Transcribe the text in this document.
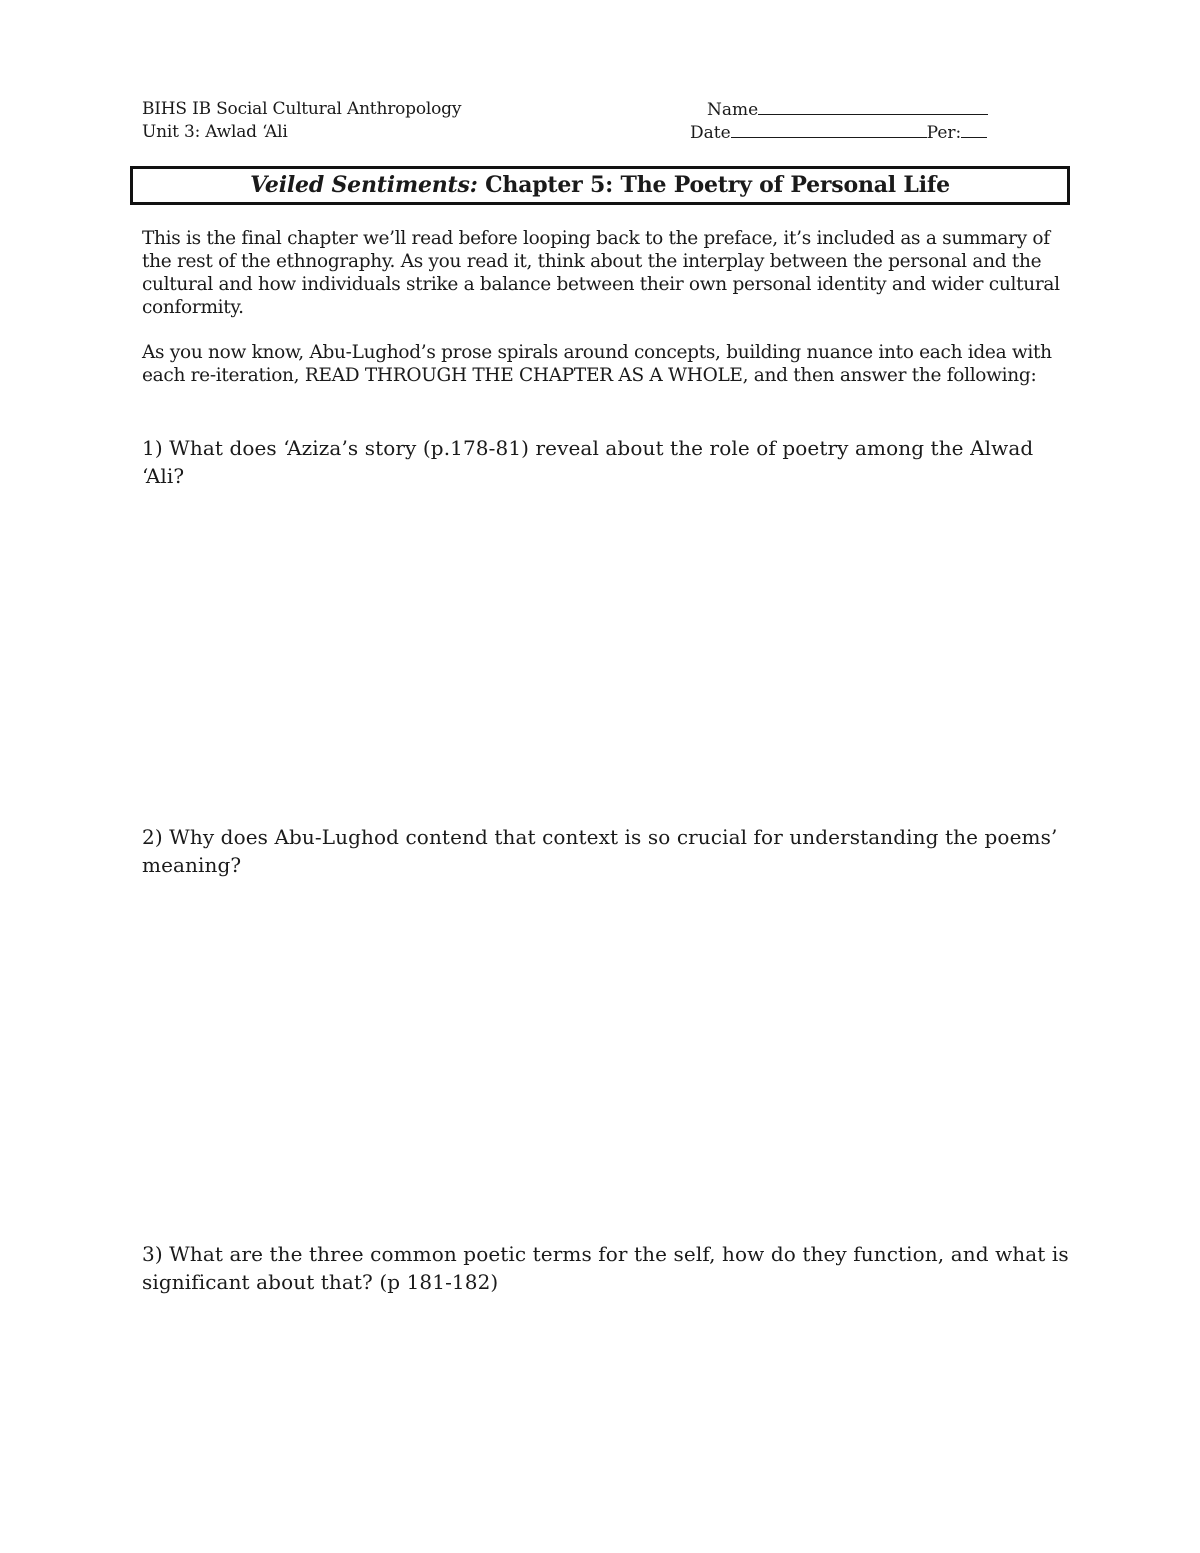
BIHS IB Social Cultural Anthropology
Unit 3: Awlad ‘Ali
Name
Date	Per:
Veiled Sentiments: Chapter 5: The Poetry of Personal Life
This is the final chapter we’ll read before looping back to the preface, it’s included as a summary of the rest of the ethnography. As you read it, think about the interplay between the personal and the cultural and how individuals strike a balance between their own personal identity and wider cultural conformity.
As you now know, Abu-Lughod’s prose spirals around concepts, building nuance into each idea with each re-iteration, READ THROUGH THE CHAPTER AS A WHOLE, and then answer the following:
1) What does ‘Aziza’s story (p.178-81) reveal about the role of poetry among the Alwad ‘Ali?
2) Why does Abu-Lughod contend that context is so crucial for understanding the poems’ meaning?
3) What are the three common poetic terms for the self, how do they function, and what is significant about that? (p 181-182)
